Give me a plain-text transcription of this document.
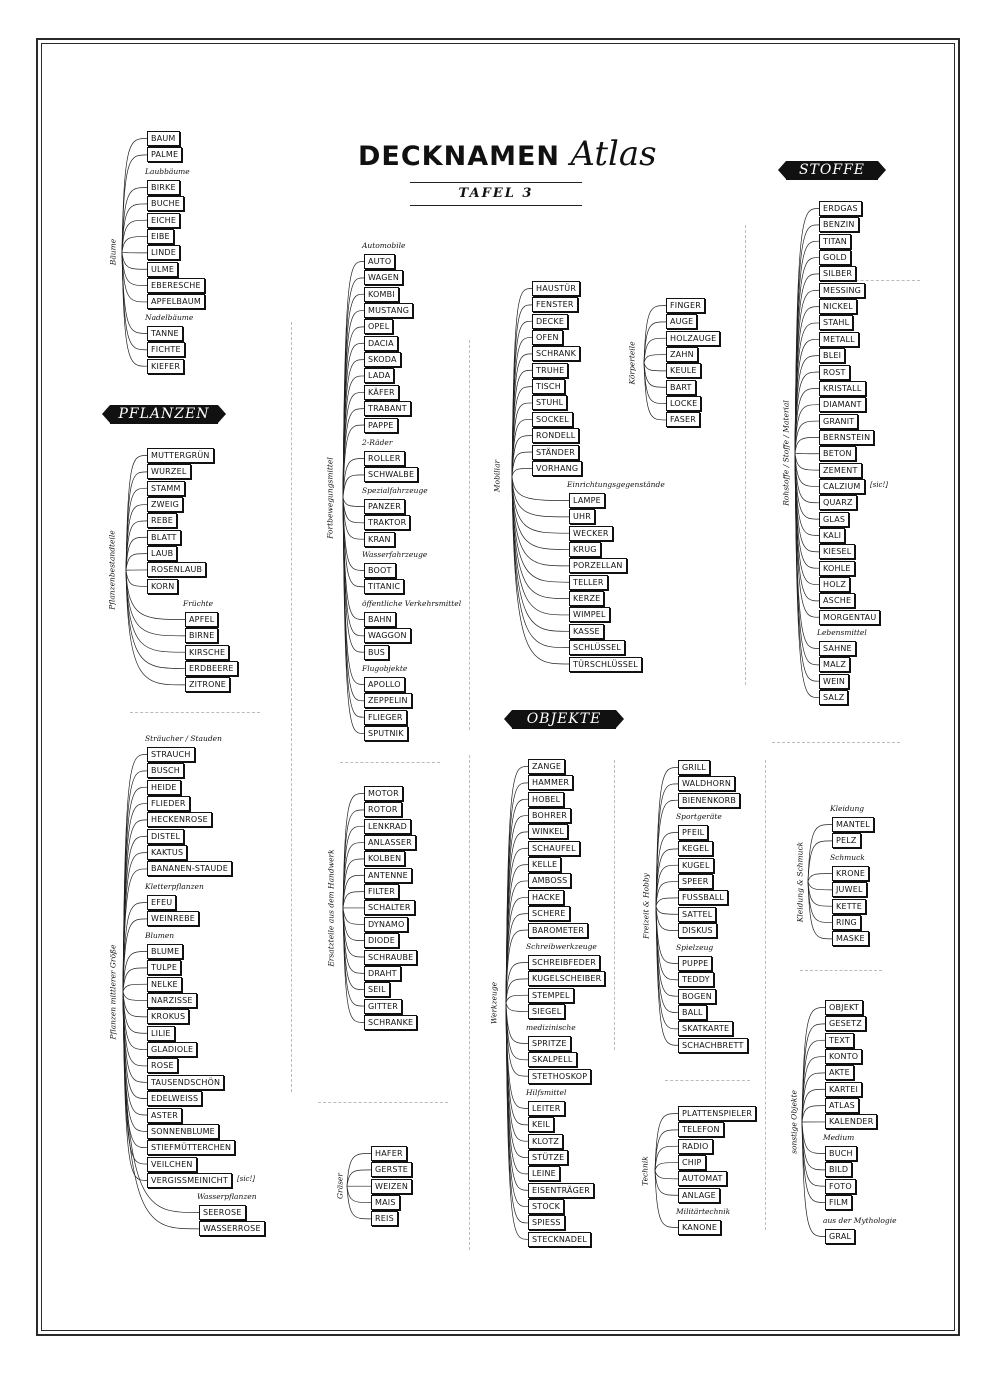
DECKNAMEN Atlas
TAFEL 3
PFLANZEN
OBJEKTE
STOFFE
BAUM
PALME
Laubbäume
BIRKE
BUCHE
EICHE
EIBE
LINDE
ULME
EBERESCHE
APFELBAUM
Nadelbäume
TANNE
FICHTE
KIEFER
Bäume
MUTTERGRÜN
WURZEL
STAMM
ZWEIG
REBE
BLATT
LAUB
ROSENLAUB
KORN
Früchte
APFEL
BIRNE
KIRSCHE
ERDBEERE
ZITRONE
Pflanzenbestandteile
Sträucher / Stauden
STRAUCH
BUSCH
HEIDE
FLIEDER
HECKENROSE
DISTEL
KAKTUS
BANANEN-STAUDE
Kletterpflanzen
EFEU
WEINREBE
Blumen
BLUME
TULPE
NELKE
NARZISSE
KROKUS
LILIE
GLADIOLE
ROSE
TAUSENDSCHÖN
EDELWEISS
ASTER
SONNENBLUME
STIEFMÜTTERCHEN
VEILCHEN
VERGISSMEINICHT	[sic!]
Wasserpflanzen
SEEROSE
WASSERROSE
Pflanzen mittlerer Größe
Automobile
AUTO
WAGEN
KOMBI
MUSTANG
OPEL
DACIA
SKODA
LADA
KÄFER
TRABANT
PAPPE
2-Räder
ROLLER
SCHWALBE
Spezialfahrzeuge
PANZER
TRAKTOR
KRAN
Wasserfahrzeuge
BOOT
TITANIC
öffentliche Verkehrsmittel
BAHN
WAGGON
BUS
Flugobjekte
APOLLO
ZEPPELIN
FLIEGER
SPUTNIK
Fortbewegungsmittel
MOTOR
ROTOR
LENKRAD
ANLASSER
KOLBEN
ANTENNE
FILTER
SCHALTER
DYNAMO
DIODE
SCHRAUBE
DRAHT
SEIL
GITTER
SCHRANKE
Ersatzteile aus dem Handwerk
HAFER
GERSTE
WEIZEN
MAIS
REIS
Gräser
HAUSTÜR
FENSTER
DECKE
OFEN
SCHRANK
TRUHE
TISCH
STUHL
SOCKEL
RONDELL
STÄNDER
VORHANG
Einrichtungsgegenstände
LAMPE
UHR
WECKER
KRUG
PORZELLAN
TELLER
KERZE
WIMPEL
KASSE
SCHLÜSSEL
TÜRSCHLÜSSEL
Mobiliar
FINGER
AUGE
HOLZAUGE
ZAHN
KEULE
BART
LOCKE
FASER
Körperteile
ZANGE
HAMMER
HOBEL
BOHRER
WINKEL
SCHAUFEL
KELLE
AMBOSS
HACKE
SCHERE
BAROMETER
Schreibwerkzeuge
SCHREIBFEDER
KUGELSCHEIBER
STEMPEL
SIEGEL
medizinische
SPRITZE
SKALPELL
STETHOSKOP
Hilfsmittel
LEITER
KEIL
KLOTZ
STÜTZE
LEINE
EISENTRÄGER
STOCK
SPIESS
STECKNADEL
Werkzeuge
GRILL
WALDHORN
BIENENKORB
Sportgeräte
PFEIL
KEGEL
KUGEL
SPEER
FUSSBALL
SATTEL
DISKUS
Spielzeug
PUPPE
TEDDY
BOGEN
BALL
SKATKARTE
SCHACHBRETT
Freizeit & Hobby
PLATTENSPIELER
TELEFON
RADIO
CHIP
AUTOMAT
ANLAGE
Militärtechnik
KANONE
Technik
ERDGAS
BENZIN
TITAN
GOLD
SILBER
MESSING
NICKEL
STAHL
METALL
BLEI
ROST
KRISTALL
DIAMANT
GRANIT
BERNSTEIN
BETON
ZEMENT
CALZIUM	[sic!]
QUARZ
GLAS
KALI
KIESEL
KOHLE
HOLZ
ASCHE
MORGENTAU
Lebensmittel
SAHNE
MALZ
WEIN
SALZ
Rohstoffe / Stoffe / Material
Kleidung
MANTEL
PELZ
Schmuck
KRONE
JUWEL
KETTE
RING
MASKE
Kleidung & Schmuck
OBJEKT
GESETZ
TEXT
KONTO
AKTE
KARTEI
ATLAS
KALENDER
Medium
BUCH
BILD
FOTO
FILM
aus der Mythologie
GRAL
sonstige Objekte
